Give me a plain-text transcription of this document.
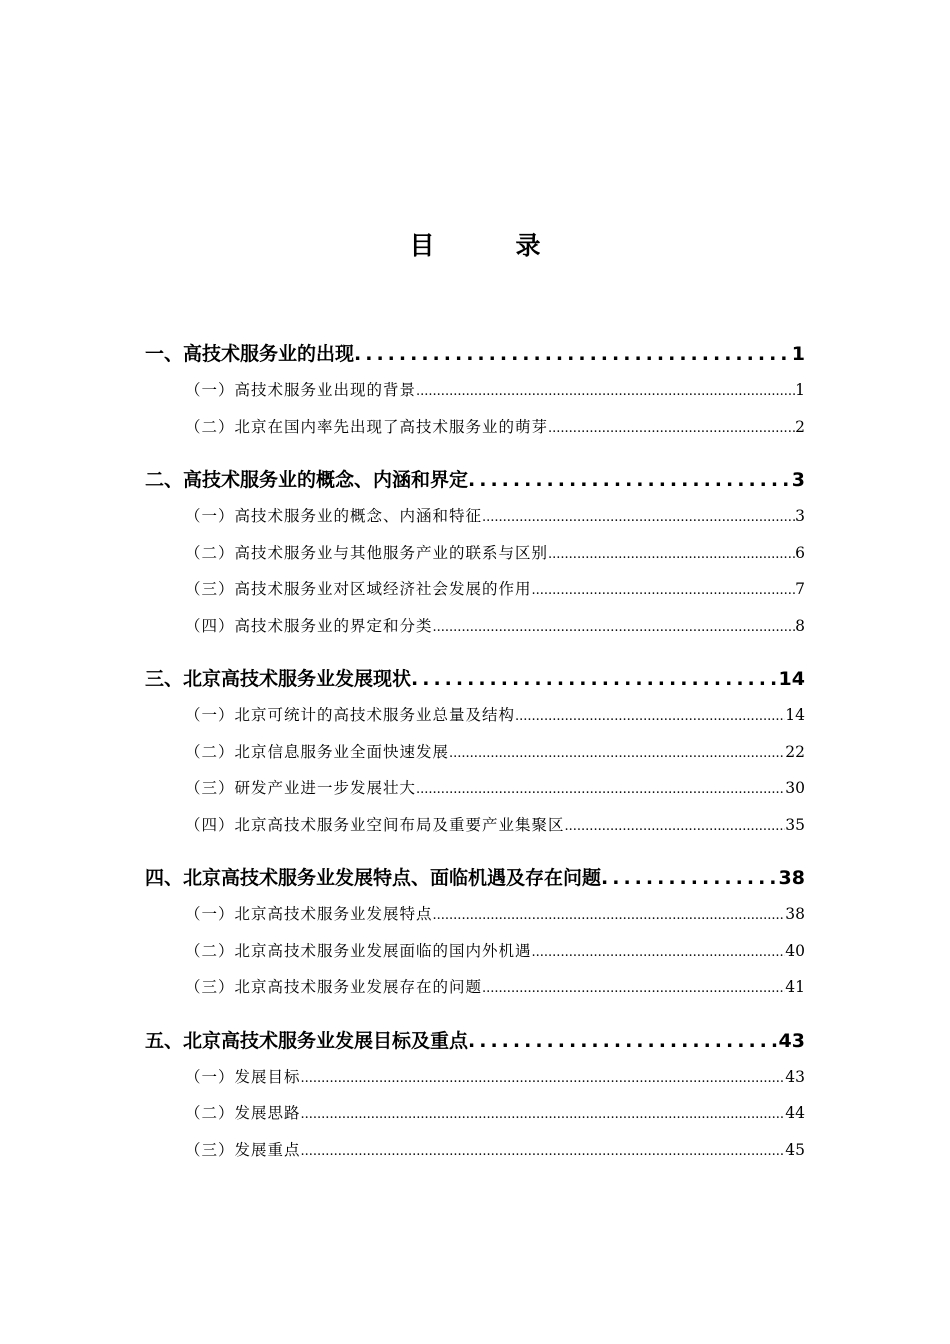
目　录
一、高技术服务业的出现 .....	1
（一）高技术服务业出现的背景 .....	1
（二）北京在国内率先出现了高技术服务业的萌芽 .....	2
二、高技术服务业的概念、内涵和界定 .....	3
（一）高技术服务业的概念、内涵和特征 .....	3
（二）高技术服务业与其他服务产业的联系与区别 .....	6
（三）高技术服务业对区域经济社会发展的作用 .....	7
（四）高技术服务业的界定和分类 .....	8
三、北京高技术服务业发展现状 .....	14
（一）北京可统计的高技术服务业总量及结构 .....	14
（二）北京信息服务业全面快速发展 .....	22
（三）研发产业进一步发展壮大 .....	30
（四）北京高技术服务业空间布局及重要产业集聚区 .....	35
四、北京高技术服务业发展特点、面临机遇及存在问题 .....	38
（一）北京高技术服务业发展特点 .....	38
（二）北京高技术服务业发展面临的国内外机遇 .....	40
（三）北京高技术服务业发展存在的问题 .....	41
五、北京高技术服务业发展目标及重点 .....	43
（一）发展目标 .....	43
（二）发展思路 .....	44
（三）发展重点 .....	45
